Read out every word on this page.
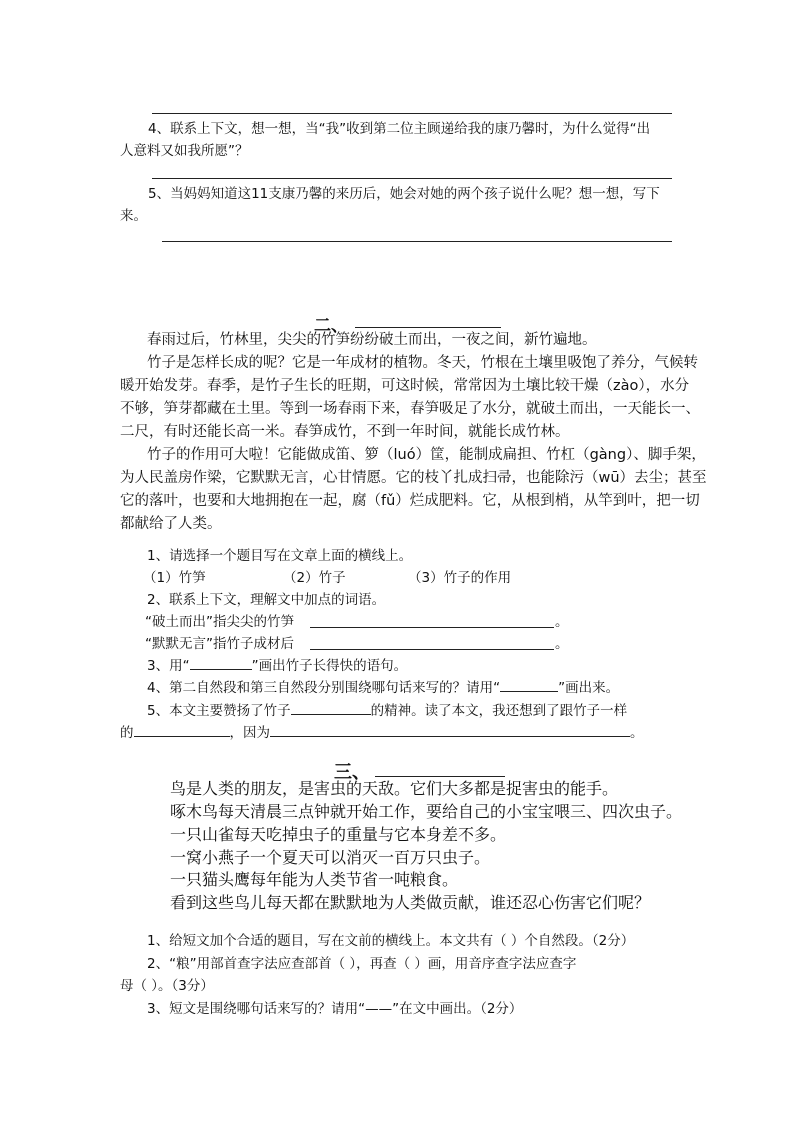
4、联系上下文，想一想，当“我”收到第二位主顾递给我的康乃馨时，为什么觉得“出
人意料又如我所愿”？
5、当妈妈知道这11支康乃馨的来历后，她会对她的两个孩子说什么呢？想一想，写下
来。
二、
春雨过后，竹林里，尖尖的竹笋纷纷破土而出，一夜之间，新竹遍地。
竹子是怎样长成的呢？它是一年成材的植物。冬天，竹根在土壤里吸饱了养分，气候转
暖开始发芽。春季，是竹子生长的旺期，可这时候，常常因为土壤比较干燥（zào），水分
不够，笋芽都藏在土里。等到一场春雨下来，春笋吸足了水分，就破土而出，一天能长一、
二尺，有时还能长高一米。春笋成竹，不到一年时间，就能长成竹林。
竹子的作用可大啦！它能做成笛、箩（luó）筐，能制成扁担、竹杠（gàng）、脚手架，
为人民盖房作梁，它默默无言，心甘情愿。它的枝丫扎成扫帚，也能除污（wū）去尘；甚至
它的落叶，也要和大地拥抱在一起，腐（fǔ）烂成肥料。它，从根到梢，从竿到叶，把一切
都献给了人类。
1、请选择一个题目写在文章上面的横线上。
（1）竹笋	（2）竹子	（3）竹子的作用
2、联系上下文，理解文中加点的词语。
“破土而出”指尖尖的竹笋	。
“默默无言”指竹子成材后	。
3、用“	”画出竹子长得快的语句。
4、第二自然段和第三自然段分别围绕哪句话来写的？请用“	”画出来。
5、本文主要赞扬了竹子	的精神。读了本文，我还想到了跟竹子一样
的	，因为	。
三、
鸟是人类的朋友，是害虫的天敌。它们大多都是捉害虫的能手。
啄木鸟每天清晨三点钟就开始工作，要给自己的小宝宝喂三、四次虫子。
一只山雀每天吃掉虫子的重量与它本身差不多。
一窝小燕子一个夏天可以消灭一百万只虫子。
一只猫头鹰每年能为人类节省一吨粮食。
看到这些鸟儿每天都在默默地为人类做贡献，谁还忍心伤害它们呢？
1、给短文加个合适的题目，写在文前的横线上。本文共有（ ）个自然段。（2分）
2、“粮”用部首查字法应查部首（ ），再查（ ）画，用音序查字法应查字
母（ ）。（3分）
3、短文是围绕哪句话来写的？请用“——”在文中画出。（2分）
